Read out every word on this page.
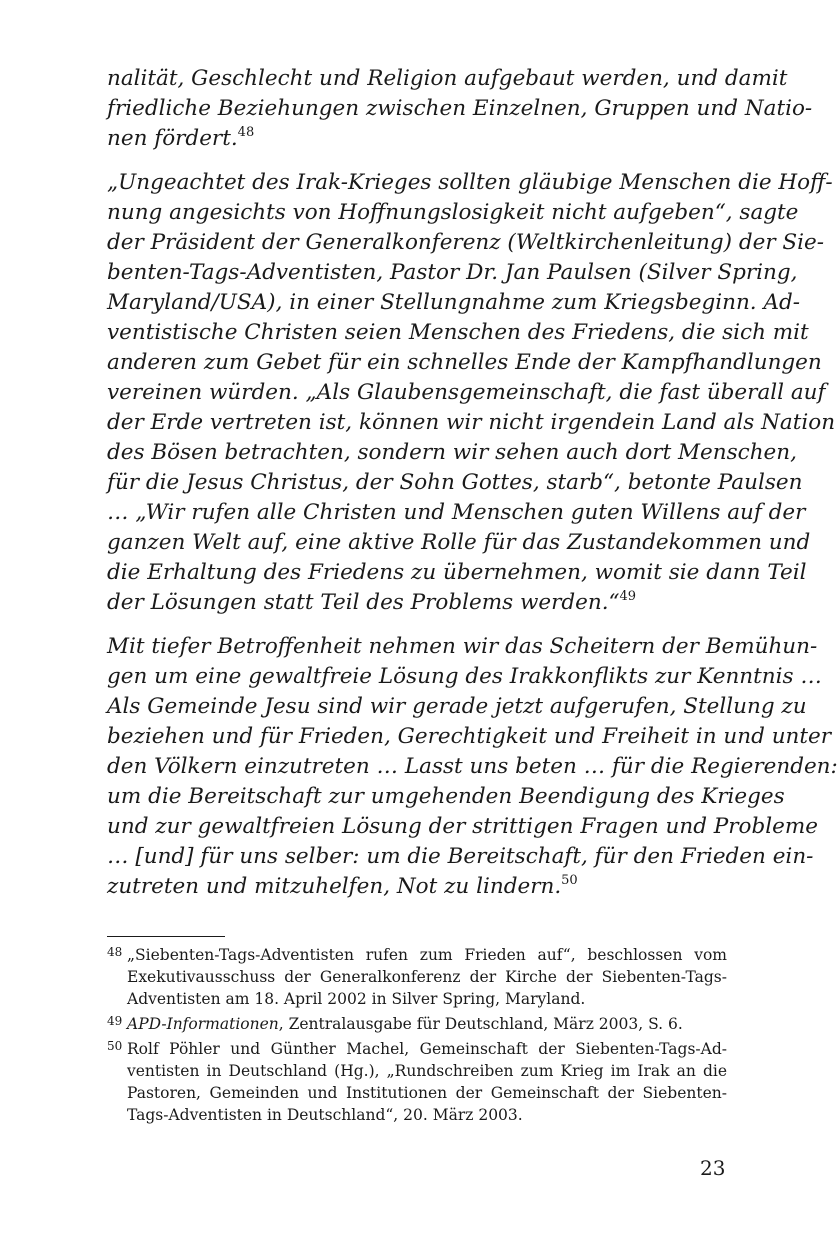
nalität, Geschlecht und Religion aufgebaut werden, und damit
friedliche Beziehungen zwischen Einzelnen, Gruppen und Natio-
nen fördert.$^{48}$
„Ungeachtet des Irak-Krieges sollten gläubige Menschen die Hoff-
nung angesichts von Hoffnungslosigkeit nicht aufgeben“, sagte
der Präsident der Generalkonferenz (Weltkirchenleitung) der Sie-
benten-Tags-Adventisten, Pastor Dr. Jan Paulsen (Silver Spring,
Maryland/USA), in einer Stellungnahme zum Kriegsbeginn. Ad-
ventistische Christen seien Menschen des Friedens, die sich mit
anderen zum Gebet für ein schnelles Ende der Kampfhandlungen
vereinen würden. „Als Glaubensgemeinschaft, die fast überall auf
der Erde vertreten ist, können wir nicht irgendein Land als Nation
des Bösen betrachten, sondern wir sehen auch dort Menschen,
für die Jesus Christus, der Sohn Gottes, starb“, betonte Paulsen
… „Wir rufen alle Christen und Menschen guten Willens auf der
ganzen Welt auf, eine aktive Rolle für das Zustandekommen und
die Erhaltung des Friedens zu übernehmen, womit sie dann Teil
der Lösungen statt Teil des Problems werden.“$^{49}$
Mit tiefer Betroffenheit nehmen wir das Scheitern der Bemühun-
gen um eine gewaltfreie Lösung des Irakkonflikts zur Kenntnis …
Als Gemeinde Jesu sind wir gerade jetzt aufgerufen, Stellung zu
beziehen und für Frieden, Gerechtigkeit und Freiheit in und unter
den Völkern einzutreten … Lasst uns beten … für die Regierenden:
um die Bereitschaft zur umgehenden Beendigung des Krieges
und zur gewaltfreien Lösung der strittigen Fragen und Probleme
… [und] für uns selber: um die Bereitschaft, für den Frieden ein-
zutreten und mitzuhelfen, Not zu lindern.$^{50}$
48 „Siebenten-Tags-Adventisten rufen zum Frieden auf“, beschlossen vom
Exekutivausschuss der Generalkonferenz der Kirche der Siebenten-Tags-
Adventisten am 18. April 2002 in Silver Spring, Maryland.
49 APD-Informationen, Zentralausgabe für Deutschland, März 2003, S. 6.
50 Rolf Pöhler und Günther Machel, Gemeinschaft der Siebenten-Tags-Ad-
ventisten in Deutschland (Hg.), „Rundschreiben zum Krieg im Irak an die
Pastoren, Gemeinden und Institutionen der Gemeinschaft der Siebenten-
Tags-Adventisten in Deutschland“, 20. März 2003.
23
